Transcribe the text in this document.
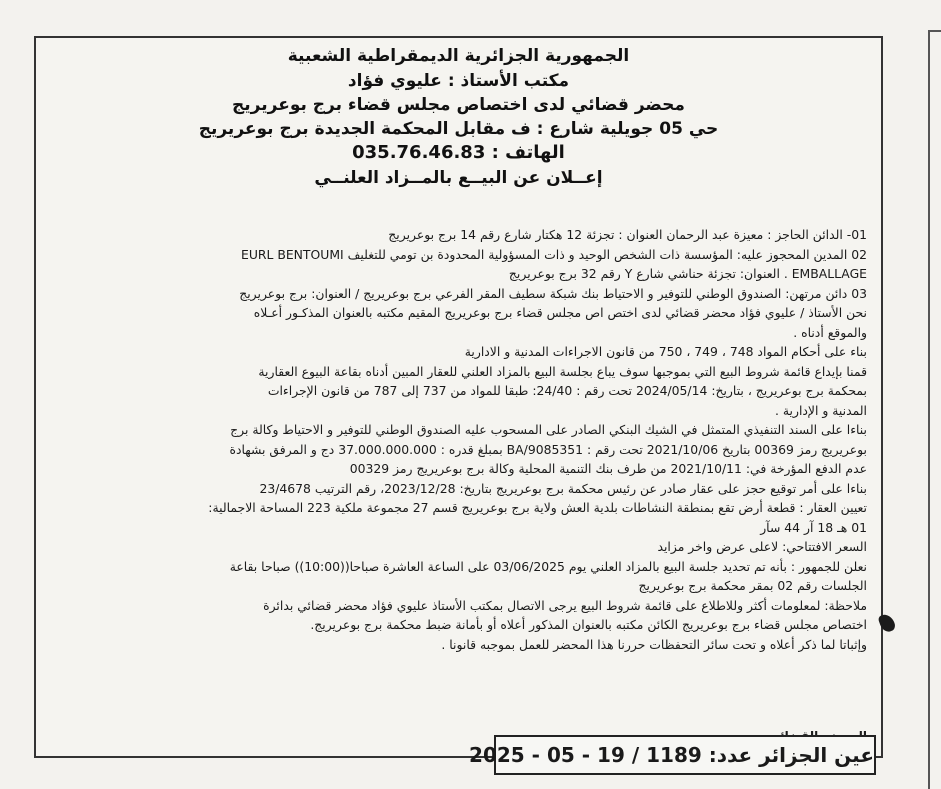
الجمهورية الجزائرية الديمقراطية الشعبية
مكتب الأستاذ : عليوي فؤاد
محضر قضائي لدى اختصاص مجلس قضاء برج بوعريريج
حي 05 جويلية شارع : ف مقابل المحكمة الجديدة برج بوعريريج
الهاتف : 035.76.46.83
إعــلان عن البيــع بالمــزاد العلنــي
01- الدائن الحاجز : معيزة عبد الرحمان العنوان : تجزئة 12 هكتار شارع رقم 14 برج بوعريريج
02 المدين المحجوز عليه: المؤسسة ذات الشخص الوحيد و ذات المسؤولية المحدودة بن تومي للتغليف EURL BENTOUMI
EMBALLAGE . العنوان: تجزئة حناشي شارع Y رقم 32 برج بوعريريج
03 دائن مرتهن: الصندوق الوطني للتوفير و الاحتياط بنك شبكة سطيف المقر الفرعي برج بوعريريج / العنوان: برج بوعريريج
نحن الأستاذ / عليوي فؤاد محضر قضائي لدى اختص اص مجلس قضاء برج بوعريريج المقيم مكتبه بالعنوان المذكـور أعـلاه
والموقع أدناه .
بناء على أحكام المواد 748 ، 749 ، 750 من قانون الاجراءات المدنية و الادارية
قمنا بإيداع قائمة شروط البيع التي بموجبها سوف يباع بجلسة البيع بالمزاد العلني للعقار المبين أدناه بقاعة البيوع العقارية
بمحكمة برج بوعريريج ، بتاريخ: 2024/05/14 تحت رقم : 24/40: طبقا للمواد من 737 إلى 787 من قانون الإجراءات
المدنية و الإدارية .
بناءا على السند التنفيذي المتمثل في الشيك البنكي الصادر على المسحوب عليه الصندوق الوطني للتوفير و الاحتياط وكالة برج
بوعريريج رمز 00369 بتاريخ 2021/10/06 تحت رقم : BA/9085351 بمبلغ قدره : 37.000.000.000 دج و المرفق بشهادة
عدم الدفع المؤرخة في: 2021/10/11 من طرف بنك التنمية المحلية وكالة برج بوعريريج رمز 00329
بناءا على أمر توقيع حجز على عقار صادر عن رئيس محكمة برج بوعريريج بتاريخ: 2023/12/28، رقم الترتيب 23/4678
تعيين العقار : قطعة أرض تقع بمنطقة النشاطات بلدية العش ولاية برج بوعريريج قسم 27 مجموعة ملكية 223 المساحة الاجمالية:
01 هـ 18 آر 44 سآر
السعر الافتتاحي: لاعلى عرض واخر مزايد
نعلن للجمهور : بأنه تم تحديد جلسة البيع بالمزاد العلني يوم 03/06/2025 على الساعة العاشرة صباحا((10:00)) صباحا بقاعة
الجلسات رقم 02 بمقر محكمة برج بوعريريج
ملاحظة: لمعلومات أكثر وللاطلاع على قائمة شروط البيع يرجى الاتصال بمكتب الأستاذ عليوي فؤاد محضر قضائي بدائرة
اختصاص مجلس قضاء برج بوعريريج الكائن مكتبه بالعنوان المذكور أعلاه أو بأمانة ضبط محكمة برج بوعريريج.
وإثباتا لما ذكر أعلاه و تحت سائر التحفظات حررنا هذا المحضر للعمل بموجبه قانونا .
عين الجزائر عدد: 1189 / 19 - 05 - 2025
